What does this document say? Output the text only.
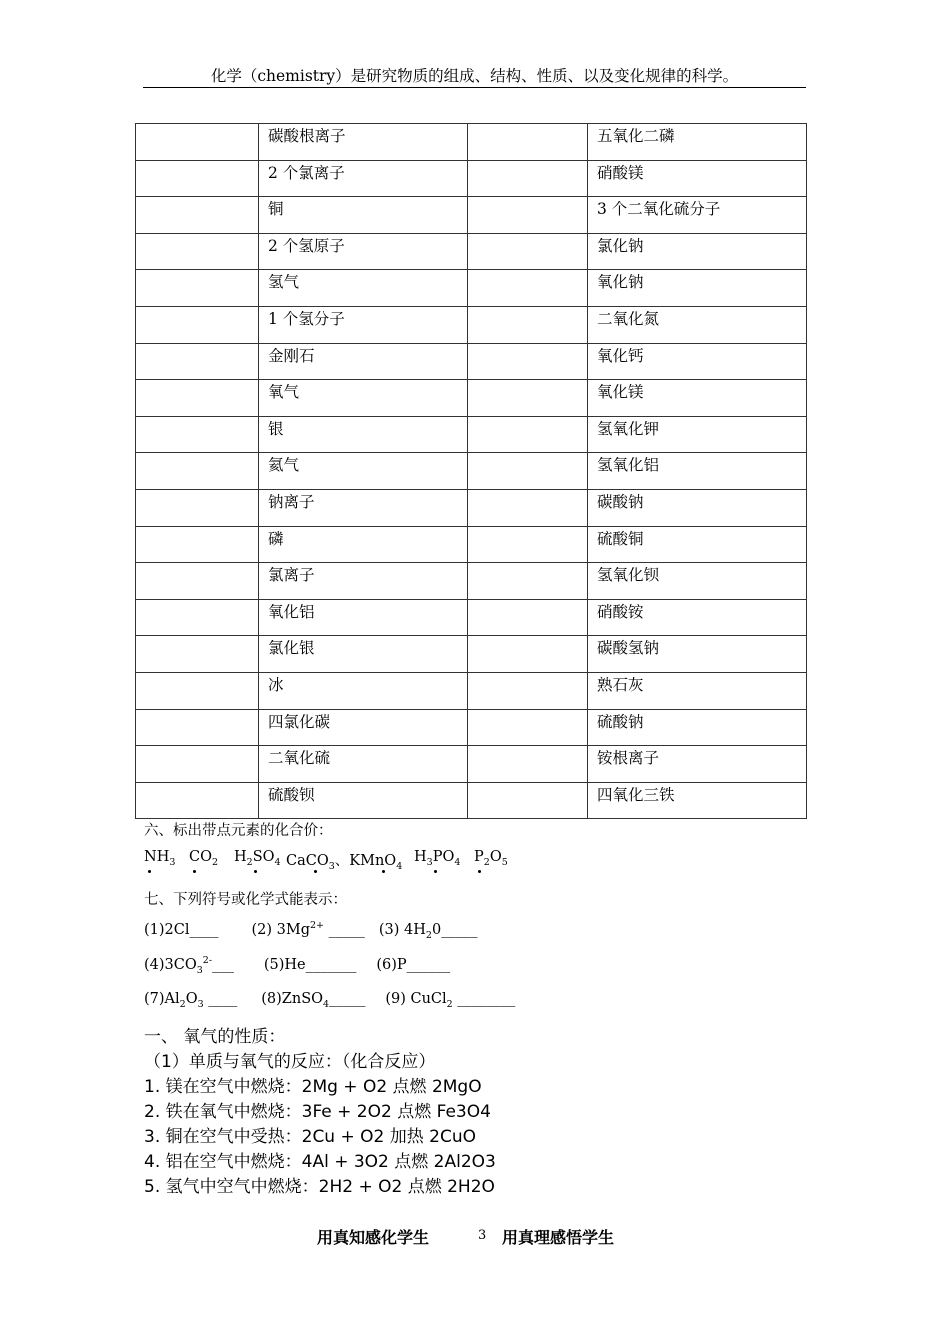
化学（chemistry）是研究物质的组成、结构、性质、以及变化规律的科学。
	碳酸根离子		五氧化二磷
	2 个氯离子		硝酸镁
	铜		3 个二氧化硫分子
	2 个氢原子		氯化钠
	氢气		氧化钠
	1 个氢分子		二氧化氮
	金刚石		氧化钙
	氧气		氧化镁
	银		氢氧化钾
	氦气		氢氧化铝
	钠离子		碳酸钠
	磷		硫酸铜
	氯离子		氢氧化钡
	氧化铝		硝酸铵
	氯化银		碳酸氢钠
	冰		熟石灰
	四氯化碳		硫酸钠
	二氧化硫		铵根离子
	硫酸钡		四氧化三铁
六、标出带点元素的化合价：
$NH_3$ $CO_2$ $H_2SO_4$ CaCO$_3$、KMnO$_4$
$H_3PO_4$ $P_2O_5$
七、下列符号或化学式能表示：
(1)2Cl____ (2) $3Mg^{2+}$ _____ (3) $4H_20\_\_\_\_\_$
$(4)3CO_3^{2-}\_\_\_$ (5)He_______ (6)P______
$(7)Al_2O_3$ ____ (8)ZnSO$_4$_____ (9) CuCl$_2$ ________
一、 氧气的性质：
（1）单质与氧气的反应：（化合反应）
1. 镁在空气中燃烧：2Mg + O2 点燃 2MgO
2. 铁在氧气中燃烧：3Fe + 2O2 点燃 Fe3O4
3. 铜在空气中受热：2Cu + O2 加热 2CuO
4. 铝在空气中燃烧：4Al + 3O2 点燃 2Al2O3
5. 氢气中空气中燃烧：2H2 + O2 点燃 2H2O
用真知感化学生	3 用真理感悟学生
